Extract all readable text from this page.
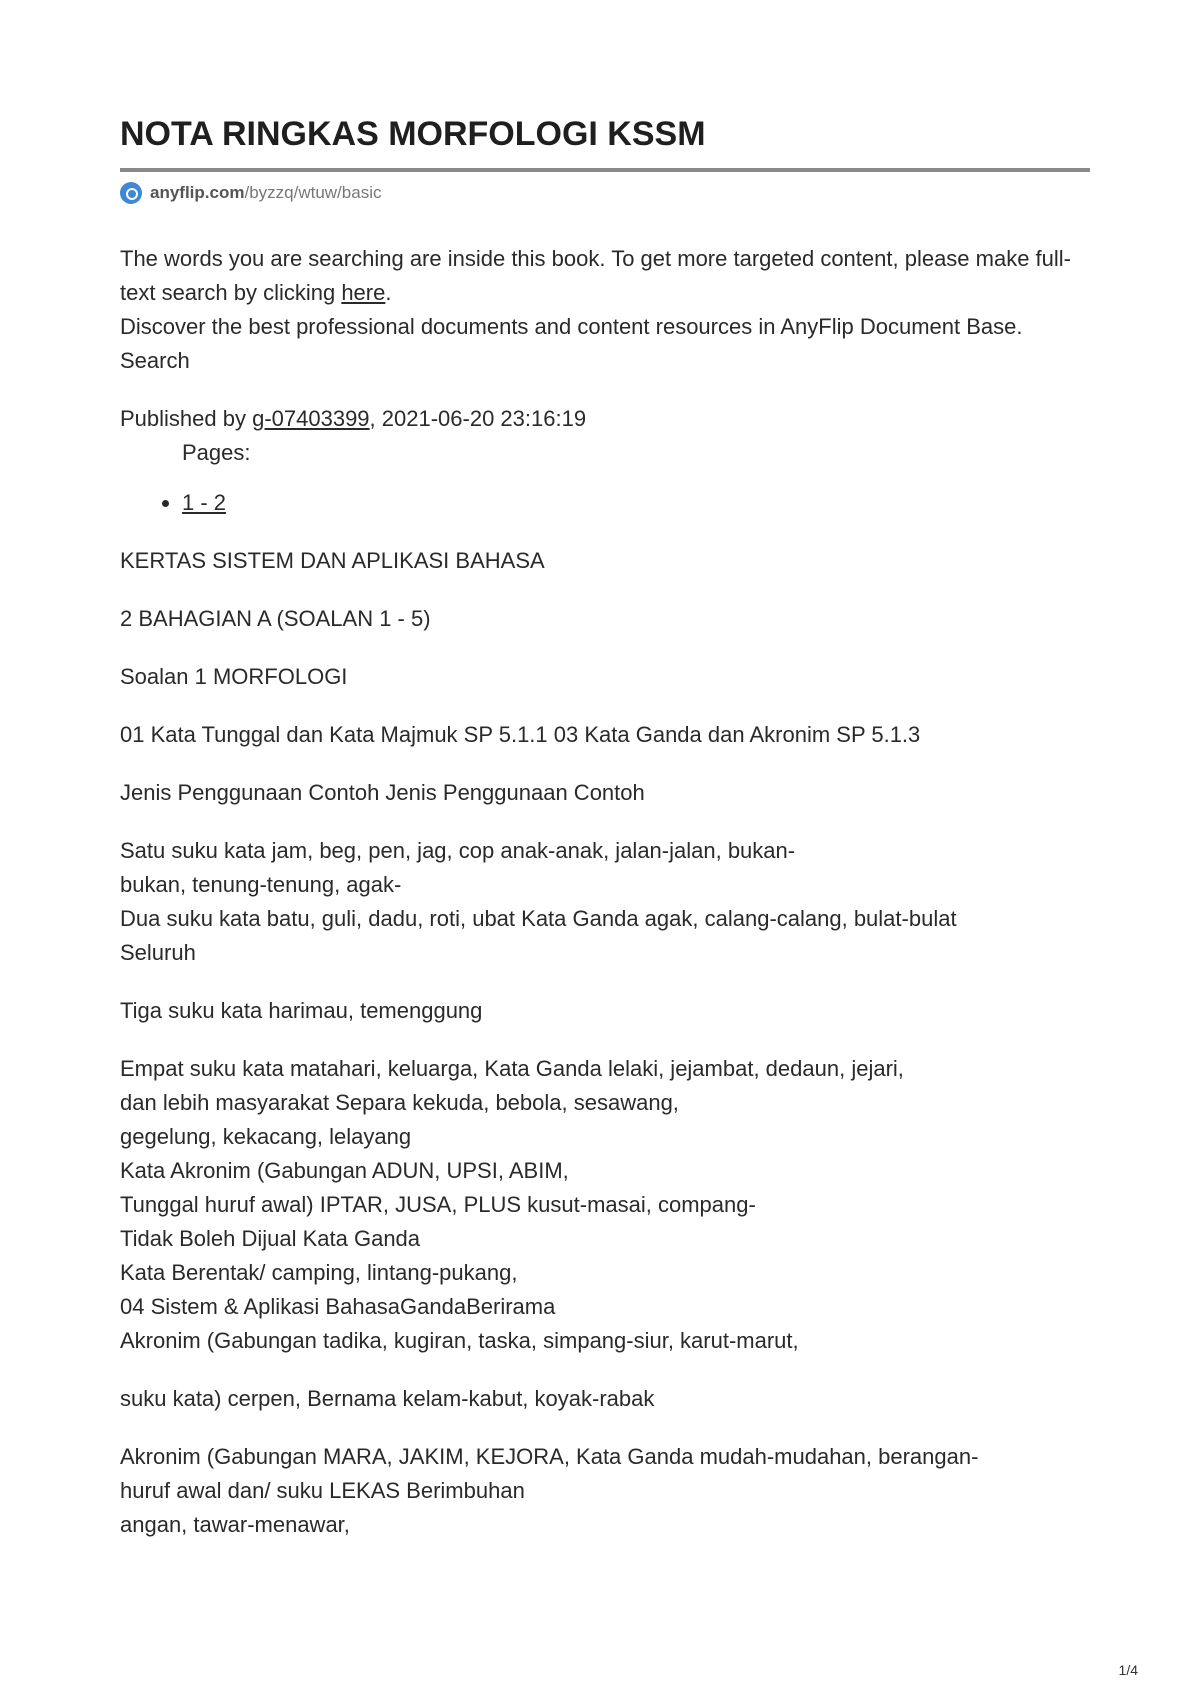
NOTA RINGKAS MORFOLOGI KSSM
anyflip.com /byzzq/wtuw/basic

The words you are searching are inside this book. To get more targeted content, please make full-text search by clicking here.

Discover the best professional documents and content resources in AnyFlip Document Base.

Search

Published by g-07403399, 2021-06-20 23:16:19

Pages:

• 1 - 2
KERTAS SISTEM DAN APLIKASI BAHASA
2 BAHAGIAN A (SOALAN 1 - 5)
Soalan 1 MORFOLOGI
01 Kata Tunggal dan Kata Majmuk SP 5.1.1 03 Kata Ganda dan Akronim SP 5.1.3
Jenis Penggunaan Contoh Jenis Penggunaan Contoh
Satu suku kata jam, beg, pen, jag, cop anak-anak, jalan-jalan, bukan-
bukan, tenung-tenung, agak-
Dua suku kata batu, guli, dadu, roti, ubat Kata Ganda agak, calang-calang, bulat-bulat
Seluruh
Tiga suku kata harimau, temenggung
Empat suku kata matahari, keluarga, Kata Ganda lelaki, jejambat, dedaun, jejari,
dan lebih masyarakat Separa kekuda, bebola, sesawang,
gegelung, kekacang, lelayang
Kata Akronim (Gabungan ADUN, UPSI, ABIM,
Tunggal huruf awal) IPTAR, JUSA, PLUS kusut-masai, compang-
Tidak Boleh Dijual Kata Ganda
Kata Berentak/ camping, lintang-pukang,
04 Sistem & Aplikasi BahasaGandaBerirama
Akronim (Gabungan tadika, kugiran, taska, simpang-siur, karut-marut,
suku kata) cerpen, Bernama kelam-kabut, koyak-rabak
Akronim (Gabungan MARA, JAKIM, KEJORA, Kata Ganda mudah-mudahan, berangan-
huruf awal dan/ suku LEKAS Berimbuhan
angan, tawar-menawar,
1/4
